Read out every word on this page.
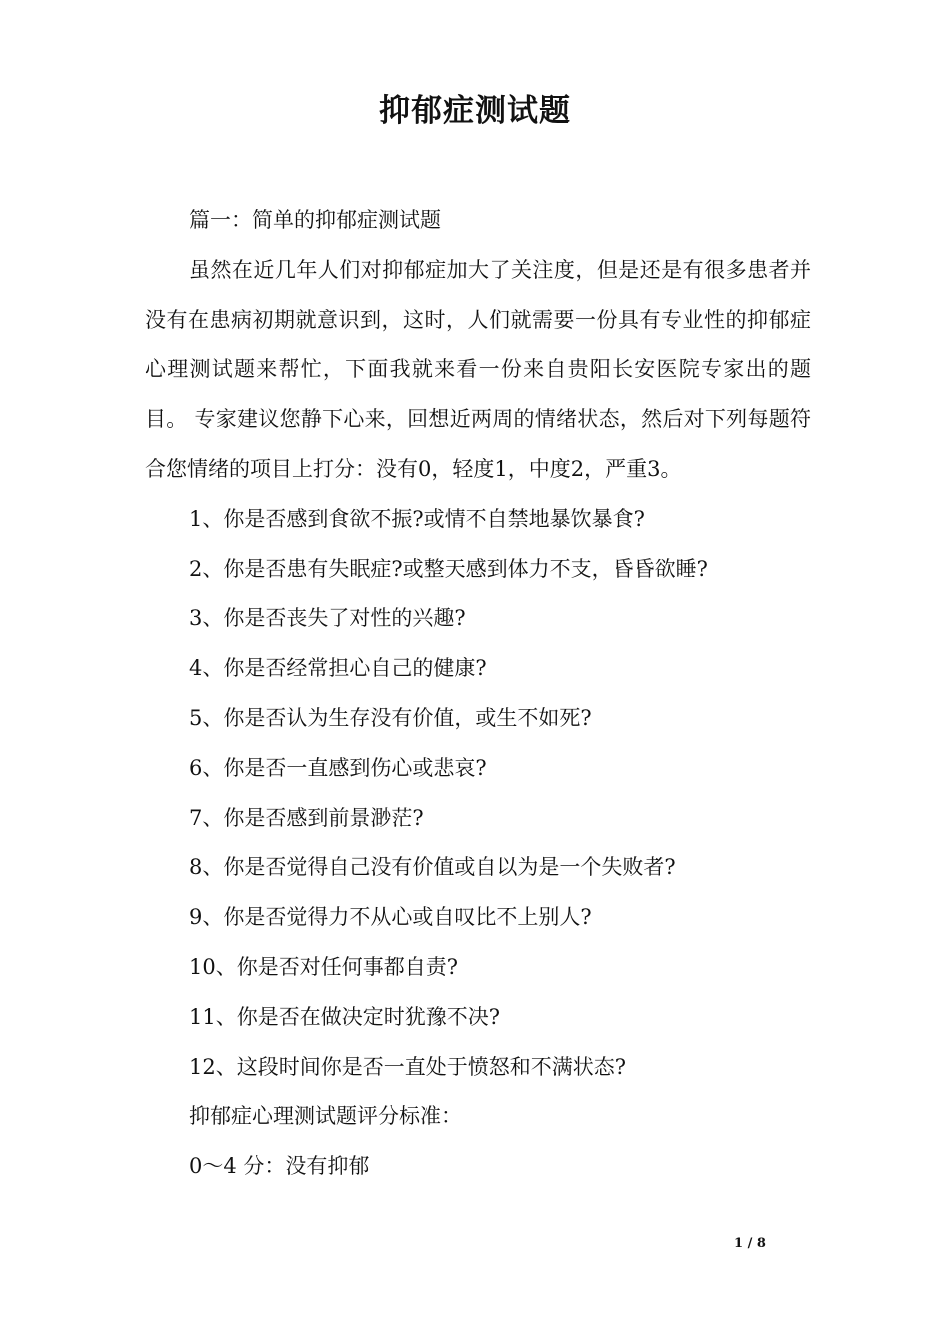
抑郁症测试题

篇一：简单的抑郁症测试题

虽然在近几年人们对抑郁症加大了关注度，但是还是有很多患者并没有在患病初期就意识到，这时，人们就需要一份具有专业性的抑郁症心理测试题来帮忙，下面我就来看一份来自贵阳长安医院专家出的题目。 专家建议您静下心来，回想近两周的情绪状态，然后对下列每题符合您情绪的项目上打分：没有0，轻度1，中度2，严重3。

1、你是否感到食欲不振?或情不自禁地暴饮暴食?

2、你是否患有失眠症?或整天感到体力不支，昏昏欲睡?

3、你是否丧失了对性的兴趣?

4、你是否经常担心自己的健康?

5、你是否认为生存没有价值，或生不如死?

6、你是否一直感到伤心或悲哀?

7、你是否感到前景渺茫?

8、你是否觉得自己没有价值或自以为是一个失败者?

9、你是否觉得力不从心或自叹比不上别人?

10、你是否对任何事都自责?

11、你是否在做决定时犹豫不决?

12、这段时间你是否一直处于愤怒和不满状态?

抑郁症心理测试题评分标准：

0～4 分：没有抑郁

1 / 8
